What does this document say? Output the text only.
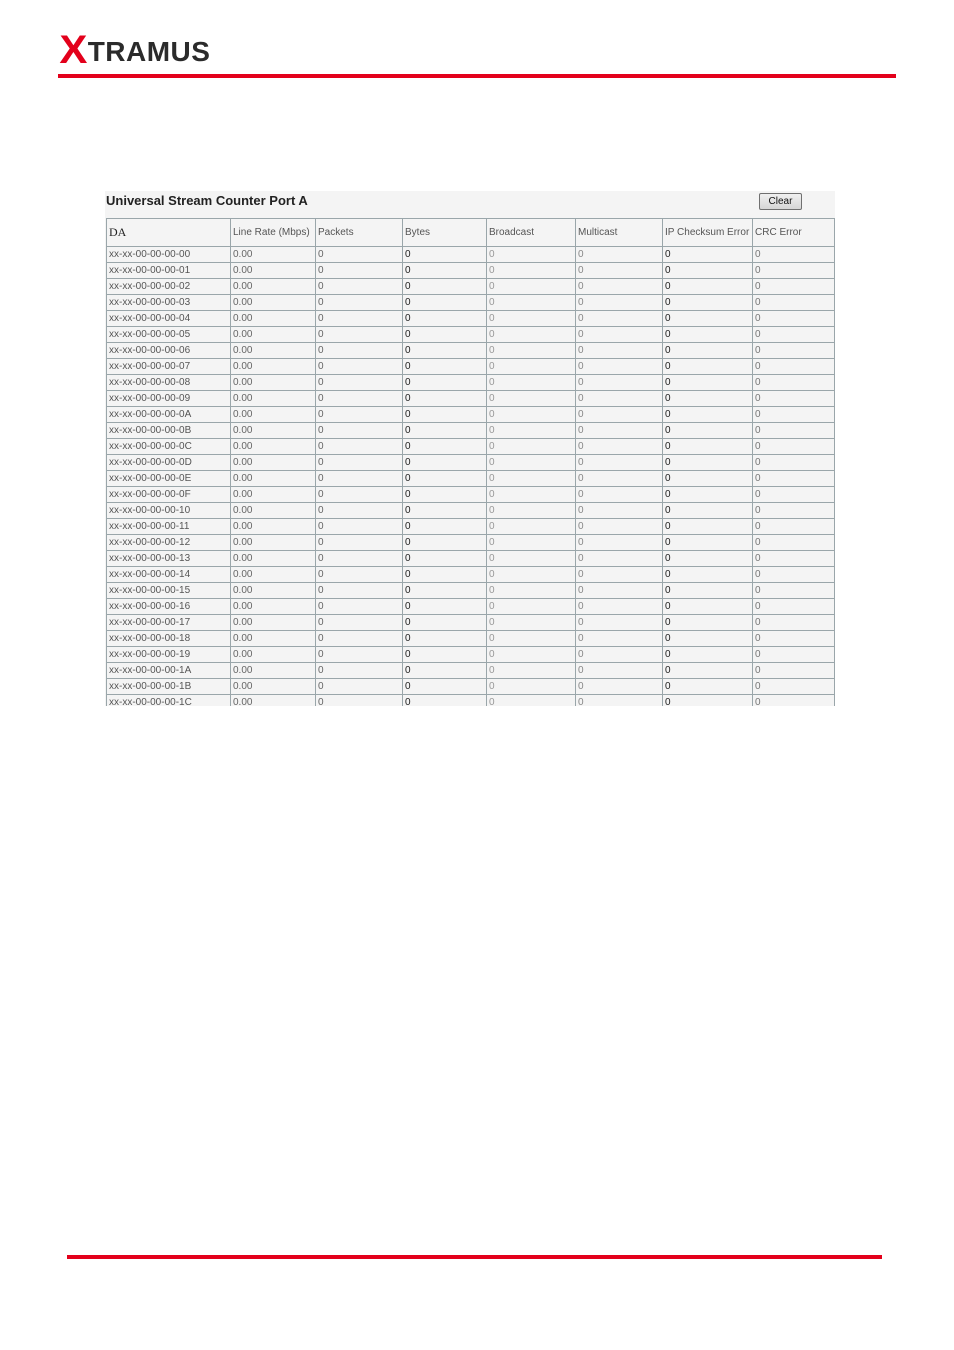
X TRAMUS
Universal Stream Counter Port A	Clear
DA	Line Rate (Mbps)	Packets	Bytes	Broadcast	Multicast	IP Checksum Error	CRC Error
xx-xx-00-00-00-00	0.00	0	0	0	0	0	0
xx-xx-00-00-00-01	0.00	0	0	0	0	0	0
xx-xx-00-00-00-02	0.00	0	0	0	0	0	0
xx-xx-00-00-00-03	0.00	0	0	0	0	0	0
xx-xx-00-00-00-04	0.00	0	0	0	0	0	0
xx-xx-00-00-00-05	0.00	0	0	0	0	0	0
xx-xx-00-00-00-06	0.00	0	0	0	0	0	0
xx-xx-00-00-00-07	0.00	0	0	0	0	0	0
xx-xx-00-00-00-08	0.00	0	0	0	0	0	0
xx-xx-00-00-00-09	0.00	0	0	0	0	0	0
xx-xx-00-00-00-0A	0.00	0	0	0	0	0	0
xx-xx-00-00-00-0B	0.00	0	0	0	0	0	0
xx-xx-00-00-00-0C	0.00	0	0	0	0	0	0
xx-xx-00-00-00-0D	0.00	0	0	0	0	0	0
xx-xx-00-00-00-0E	0.00	0	0	0	0	0	0
xx-xx-00-00-00-0F	0.00	0	0	0	0	0	0
xx-xx-00-00-00-10	0.00	0	0	0	0	0	0
xx-xx-00-00-00-11	0.00	0	0	0	0	0	0
xx-xx-00-00-00-12	0.00	0	0	0	0	0	0
xx-xx-00-00-00-13	0.00	0	0	0	0	0	0
xx-xx-00-00-00-14	0.00	0	0	0	0	0	0
xx-xx-00-00-00-15	0.00	0	0	0	0	0	0
xx-xx-00-00-00-16	0.00	0	0	0	0	0	0
xx-xx-00-00-00-17	0.00	0	0	0	0	0	0
xx-xx-00-00-00-18	0.00	0	0	0	0	0	0
xx-xx-00-00-00-19	0.00	0	0	0	0	0	0
xx-xx-00-00-00-1A	0.00	0	0	0	0	0	0
xx-xx-00-00-00-1B	0.00	0	0	0	0	0	0
xx-xx-00-00-00-1C	0.00	0	0	0	0	0	0
